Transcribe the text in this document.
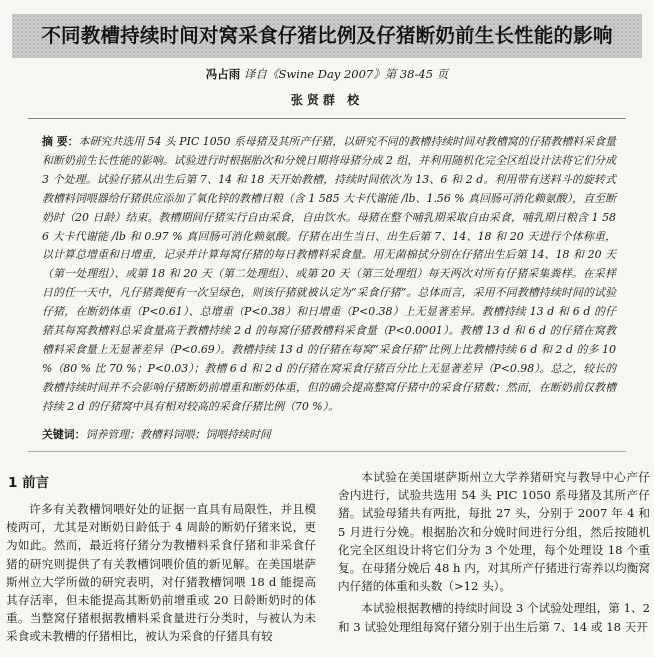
不同教槽持续时间对窝采食仔猪比例及仔猪断奶前生长性能的影响
冯占雨 译自《Swine Day 2007》第 38-45 页
张贤群 校
摘 要：本研究共选用 54 头 PIC 1050 系母猪及其所产仔猪，以研究不同的教槽持续时间对教槽窝的仔猪教槽料采食量和断奶前生长性能的影响。试验进行时根据胎次和分娩日期将母猪分成 2 组，并利用随机化完全区组设计法将它们分成 3 个处理。试验仔猪从出生后第 7、14 和 18 天开始教槽，持续时间依次为 13、6 和 2 d。利用带有送料斗的旋转式教槽料饲喂器给仔猪供应添加了氧化锌的教槽日粮（含 1 585 大卡代谢能 /lb、1.56 % 真回肠可消化赖氨酸），直至断奶时（20 日龄）结束。教槽期间仔猪实行自由采食，自由饮水。母猪在整个哺乳期采取自由采食，哺乳期日粮含 1 586 大卡代谢能 /lb 和 0.97 % 真回肠可消化赖氨酸。仔猪在出生当日、出生后第 7、14、18 和 20 天进行个体称重，以计算总增重和日增重，记录并计算每窝仔猪的每日教槽料采食量。用无菌棉拭分别在仔猪出生后第 14、18 和 20 天（第一处理组）、或第 18 和 20 天（第二处理组）、或第 20 天（第三处理组）每天两次对所有仔猪采集粪样。在采样日的任一天中，凡仔猪粪便有一次呈绿色，则该仔猪就被认定为“采食仔猪”。总体而言，采用不同教槽持续时间的试验仔猪，在断奶体重（P<0.61）、总增重（P<0.38）和日增重（P<0.38）上无显著差异。教槽持续 13 d 和 6 d 的仔猪其每窝教槽料总采食量高于教槽持续 2 d 的每窝仔猪教槽料采食量（P<0.0001）。教槽 13 d 和 6 d 的仔猪在窝教槽料采食量上无显著差异（P<0.69）。教槽持续 13 d 的仔猪在每窝“采食仔猪”比例上比教槽持续 6 d 和 2 d 的多 10 %（80 % 比 70 %；P<0.03）；教槽 6 d 和 2 d 的仔猪在窝采食仔猪百分比上无显著差异（P<0.98）。总之，较长的教槽持续时间并不会影响仔猪断奶前增重和断奶体重，但的确会提高整窝仔猪中的采食仔猪数；然而，在断奶前仅教槽持续 2 d 的仔猪窝中具有相对较高的采食仔猪比例（70 %）。
关键词：饲养管理；教槽料饲喂；饲喂持续时间
1 前言

许多有关教槽饲喂好处的证据一直具有局限性，并且模棱两可，尤其是对断奶日龄低于 4 周龄的断奶仔猪来说，更为如此。然而，最近将仔猪分为教槽料采食仔猪和非采食仔猪的研究则提供了有关教槽饲喂价值的新见解。在美国堪萨斯州立大学所做的研究表明，对仔猪教槽饲喂 18 d 能提高其存活率，但未能提高其断奶前增重或 20 日龄断奶时的体重。当整窝仔猪根据教槽料采食量进行分类时，与被认为未采食或未教槽的仔猪相比，被认为采食的仔猪具有较

本试验在美国堪萨斯州立大学养猪研究与教导中心产仔舍内进行，试验共选用 54 头 PIC 1050 系母猪及其所产仔猪。试验母猪共有两批，每批 27 头，分别于 2007 年 4 和 5 月进行分娩。根据胎次和分娩时间进行分组，然后按随机化完全区组设计将它们分为 3 个处理，每个处理设 18 个重复。在母猪分娩后 48 h 内，对其所产仔猪进行寄养以均衡窝内仔猪的体重和头数（>12 头）。

本试验根据教槽的持续时间设 3 个试验处理组，第 1、2 和 3 试验处理组每窝仔猪分别于出生后第 7、14 或 18 天开
